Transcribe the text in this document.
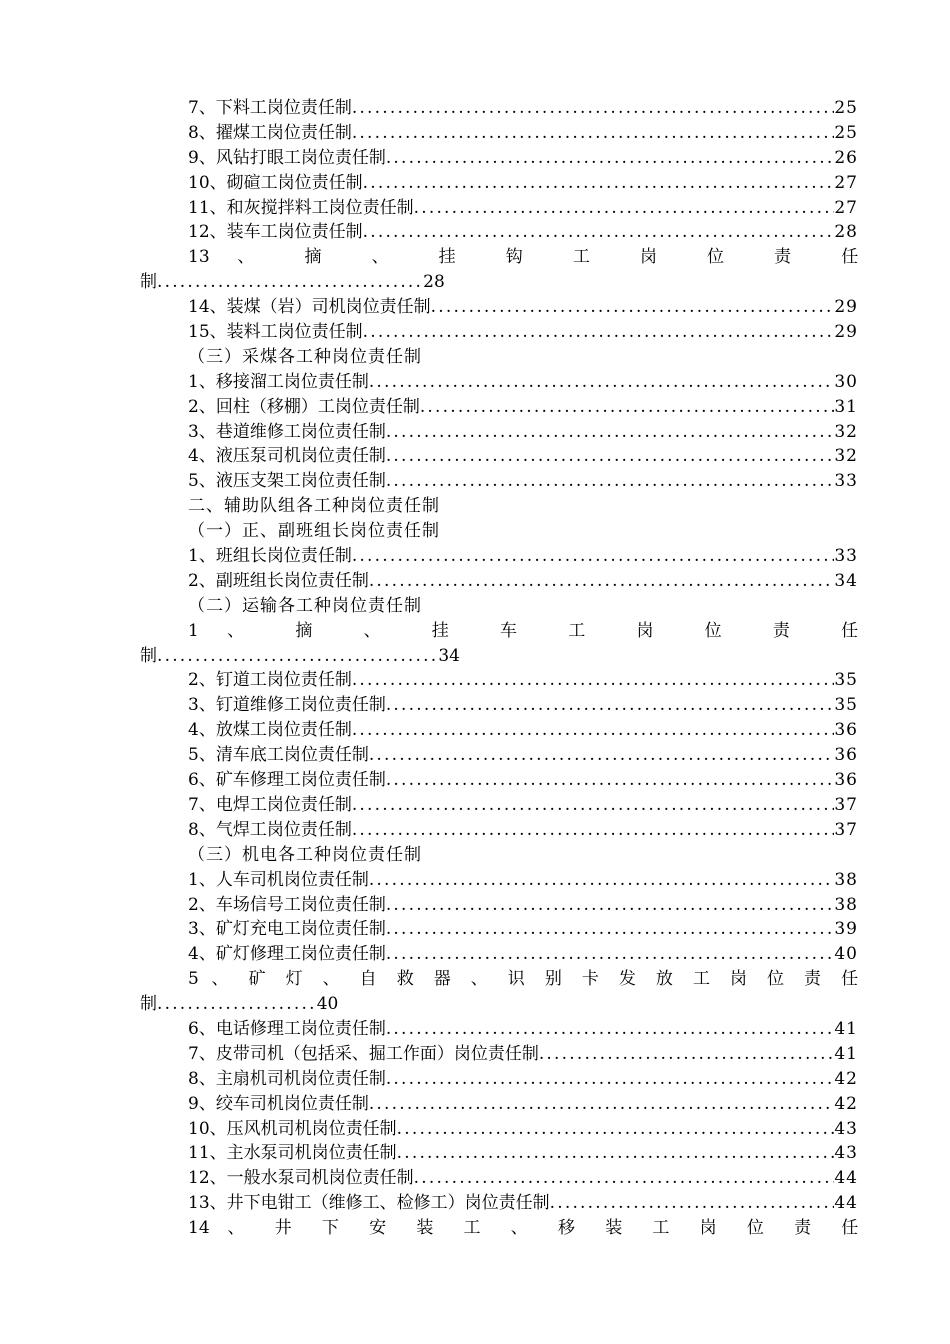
7、下料工岗位责任制 .....	25
8、擢煤工岗位责任制 .....	25
9、风钻打眼工岗位责任制 .....	26
10、砌碹工岗位责任制 .....	27
11、和灰搅拌料工岗位责任制 .....	27
12、装车工岗位责任制 .....	28
13 、 摘 、 挂 钩 工 岗 位 责 任
制...................................28
14、装煤（岩）司机岗位责任制 .....	29
15、装料工岗位责任制 .....	29
（三）采煤各工种岗位责任制
1、移接溜工岗位责任制 .....	30
2、回柱（移棚）工岗位责任制 .....	31
3、巷道维修工岗位责任制 .....	32
4、液压泵司机岗位责任制 .....	32
5、液压支架工岗位责任制 .....	33
二、辅助队组各工种岗位责任制
（一）正、副班组长岗位责任制
1、班组长岗位责任制 .....	33
2、副班组长岗位责任制 .....	34
（二）运输各工种岗位责任制
1 、 摘 、 挂 车 工 岗 位 责 任
制.....................................34
2、钉道工岗位责任制 .....	35
3、钉道维修工岗位责任制 .....	35
4、放煤工岗位责任制 .....	36
5、清车底工岗位责任制 .....	36
6、矿车修理工岗位责任制 .....	36
7、电焊工岗位责任制 .....	37
8、气焊工岗位责任制 .....	37
（三）机电各工种岗位责任制
1、人车司机岗位责任制 .....	38
2、车场信号工岗位责任制 .....	38
3、矿灯充电工岗位责任制 .....	39
4、矿灯修理工岗位责任制 .....	40
5 、 矿 灯 、 自 救 器 、 识 别 卡 发 放 工 岗 位 责 任
制.....................40
6、电话修理工岗位责任制 .....	41
7、皮带司机（包括采、掘工作面）岗位责任制 .....	41
8、主扇机司机岗位责任制 .....	42
9、绞车司机岗位责任制 .....	42
10、压风机司机岗位责任制 .....	43
11、主水泵司机岗位责任制 .....	43
12、一般水泵司机岗位责任制 .....	44
13、井下电钳工（维修工、检修工）岗位责任制 .....	44
14 、 井 下 安 装 工 、 移 装 工 岗 位 责 任
